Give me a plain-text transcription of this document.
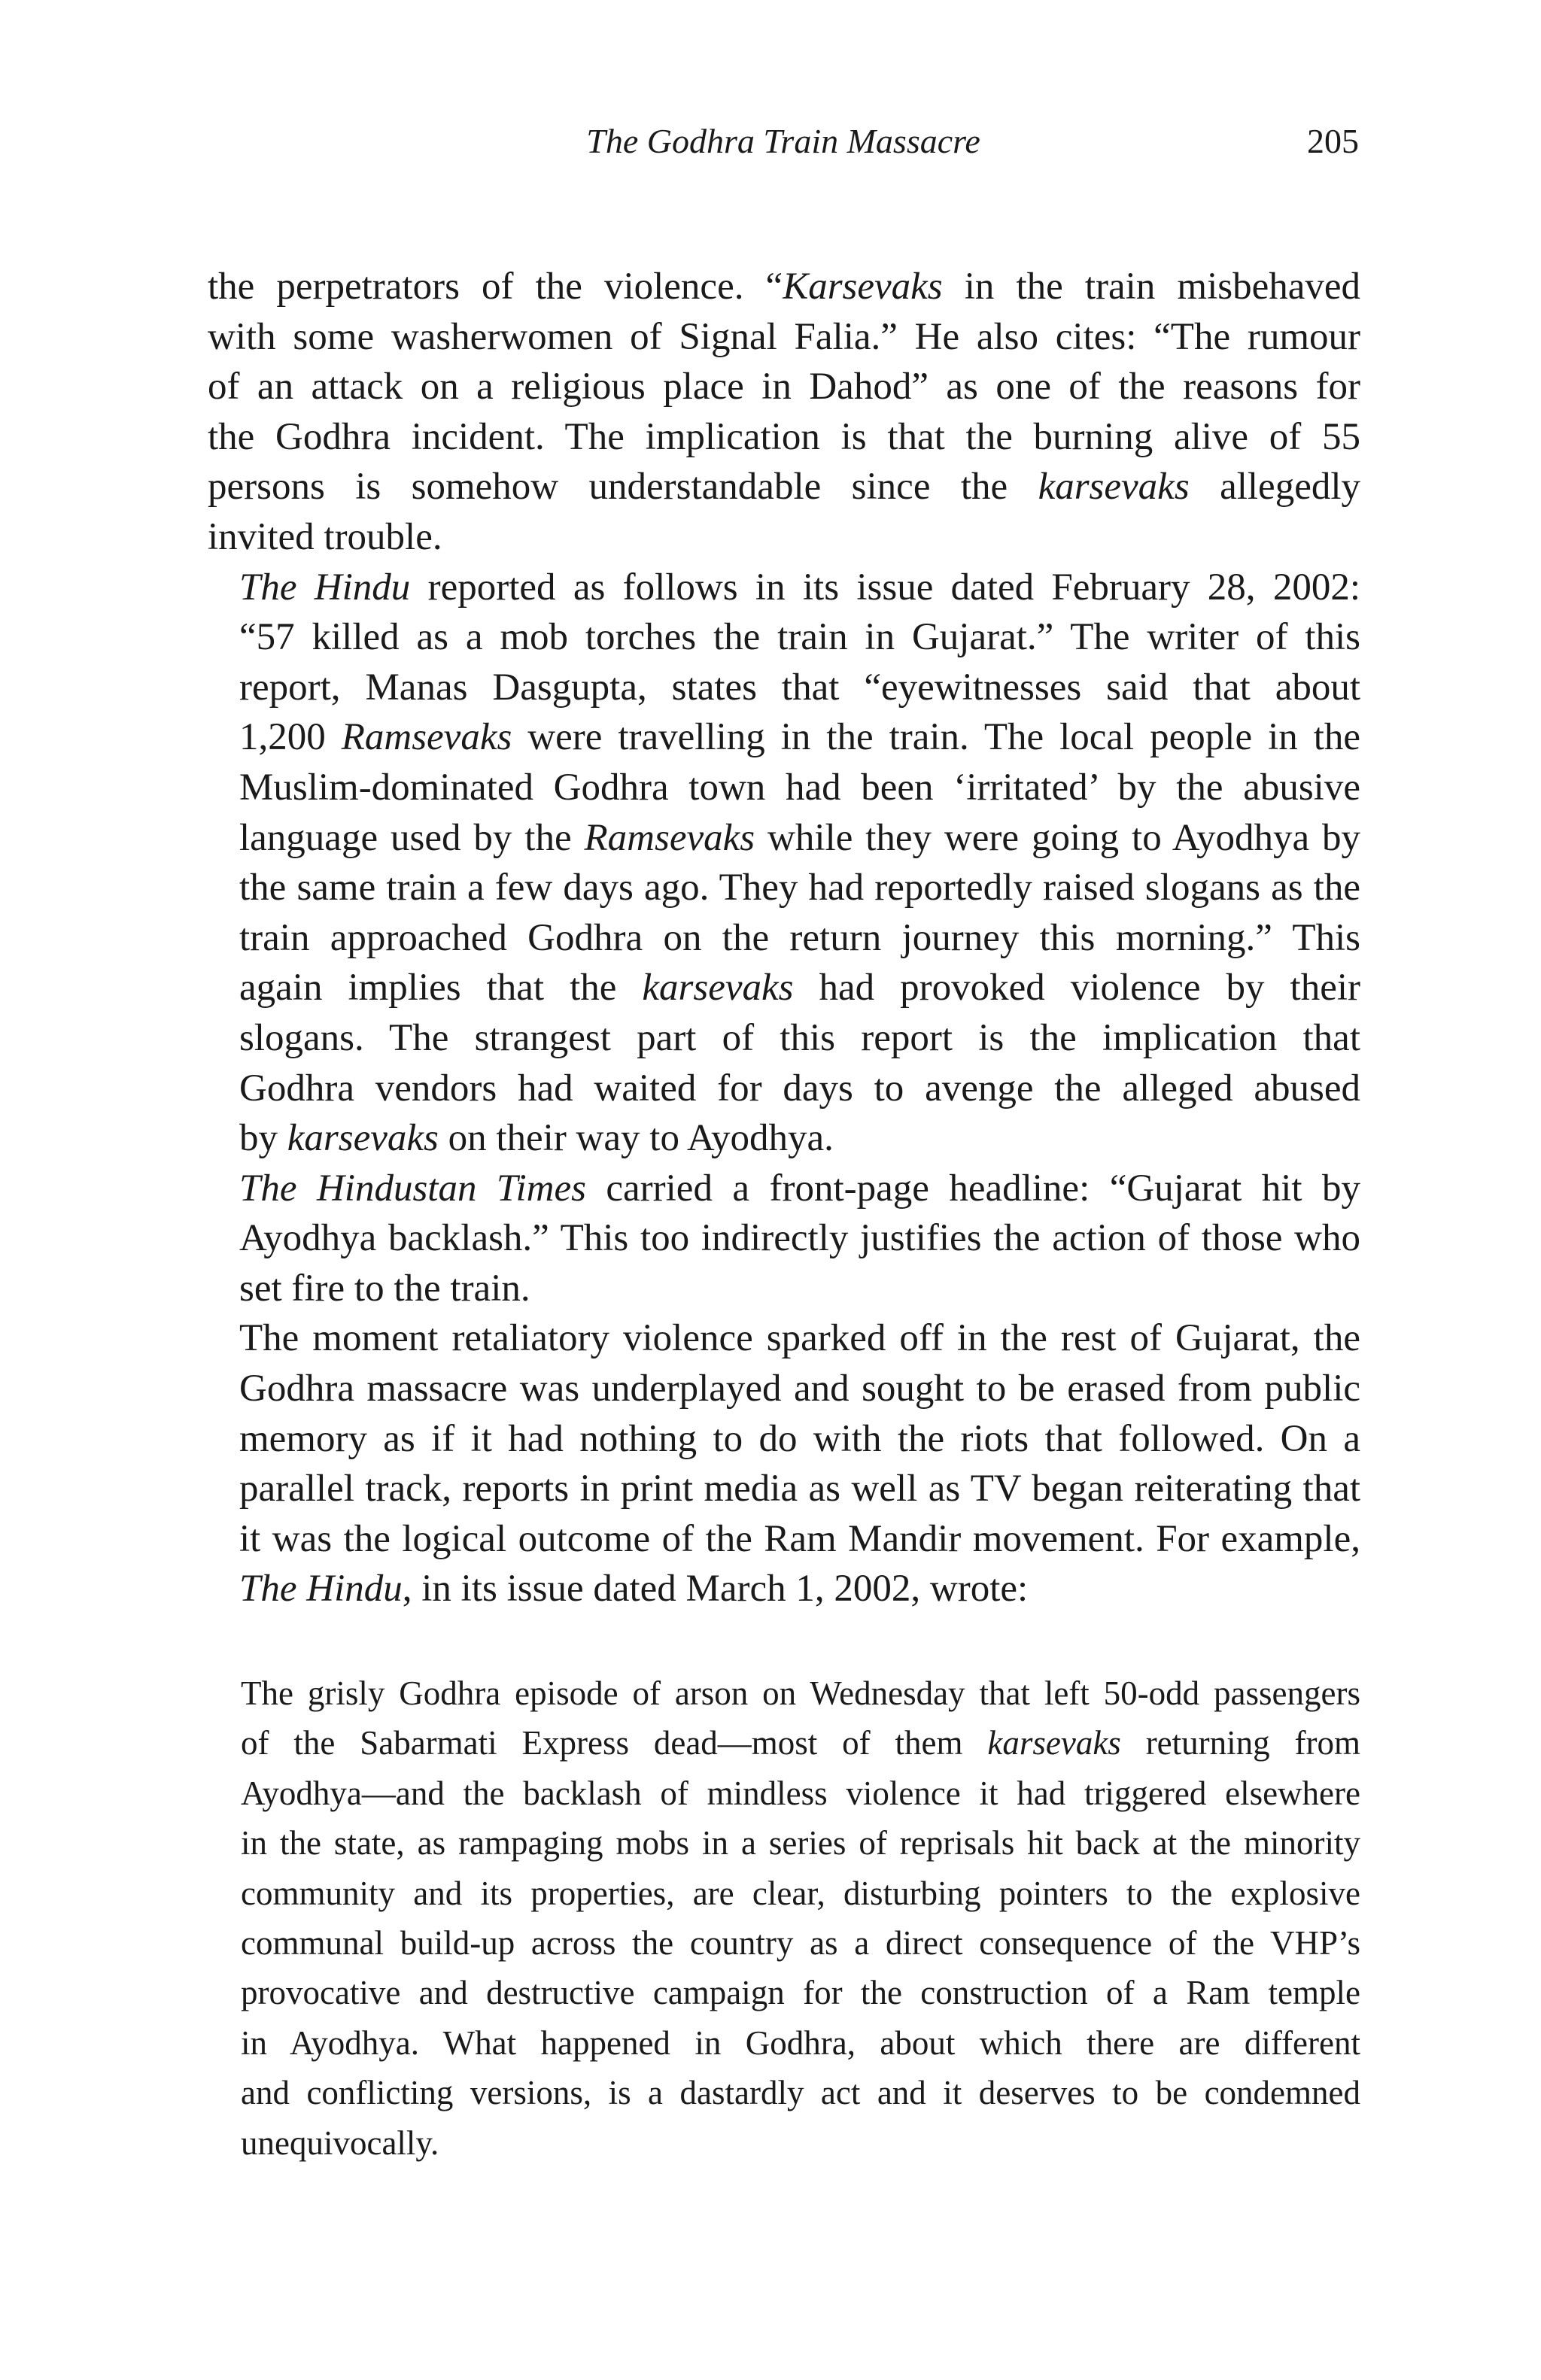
The Godhra Train Massacre	205

the perpetrators of the violence. “Karsevaks in the train misbehaved
with some washerwomen of Signal Falia.” He also cites: “The rumour
of an attack on a religious place in Dahod” as one of the reasons for
the Godhra incident. The implication is that the burning alive of 55
persons is somehow understandable since the karsevaks allegedly
invited trouble.

The Hindu reported as follows in its issue dated February 28, 2002:
“57 killed as a mob torches the train in Gujarat.” The writer of this
report, Manas Dasgupta, states that “eyewitnesses said that about
1,200 Ramsevaks were travelling in the train. The local people in the
Muslim-dominated Godhra town had been ‘irritated’ by the abusive
language used by the Ramsevaks while they were going to Ayodhya by
the same train a few days ago. They had reportedly raised slogans as the
train approached Godhra on the return journey this morning.” This
again implies that the karsevaks had provoked violence by their
slogans. The strangest part of this report is the implication that
Godhra vendors had waited for days to avenge the alleged abused
by karsevaks on their way to Ayodhya.

The Hindustan Times carried a front-page headline: “Gujarat hit by
Ayodhya backlash.” This too indirectly justifies the action of those who
set fire to the train.

The moment retaliatory violence sparked off in the rest of Gujarat, the
Godhra massacre was underplayed and sought to be erased from public
memory as if it had nothing to do with the riots that followed. On a
parallel track, reports in print media as well as TV began reiterating that
it was the logical outcome of the Ram Mandir movement. For example,
The Hindu, in its issue dated March 1, 2002, wrote:

The grisly Godhra episode of arson on Wednesday that left 50-odd passengers
of the Sabarmati Express dead—most of them karsevaks returning from
Ayodhya—and the backlash of mindless violence it had triggered elsewhere
in the state, as rampaging mobs in a series of reprisals hit back at the minority
community and its properties, are clear, disturbing pointers to the explosive
communal build-up across the country as a direct consequence of the VHP’s
provocative and destructive campaign for the construction of a Ram temple
in Ayodhya. What happened in Godhra, about which there are different
and conflicting versions, is a dastardly act and it deserves to be condemned
unequivocally.
